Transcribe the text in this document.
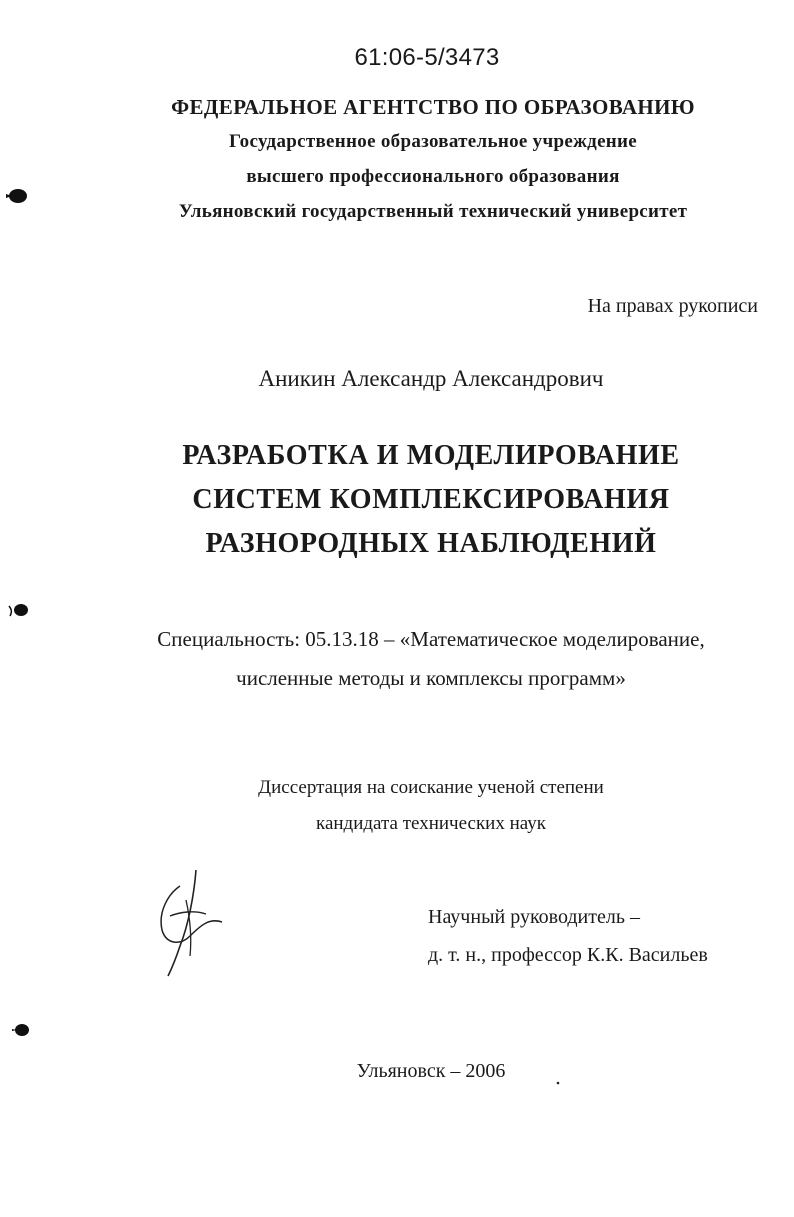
61:06-5/3473
ФЕДЕРАЛЬНОЕ АГЕНТСТВО ПО ОБРАЗОВАНИЮ
Государственное образовательное учреждение
высшего профессионального образования
Ульяновский государственный технический университет
На правах рукописи
Аникин Александр Александрович
РАЗРАБОТКА И МОДЕЛИРОВАНИЕ
СИСТЕМ КОМПЛЕКСИРОВАНИЯ
РАЗНОРОДНЫХ НАБЛЮДЕНИЙ
Специальность: 05.13.18 – «Математическое моделирование,
численные методы и комплексы программ»
Диссертация на соискание ученой степени
кандидата технических наук
Научный руководитель –
д. т. н., профессор К.К. Васильев
Ульяновск – 2006
